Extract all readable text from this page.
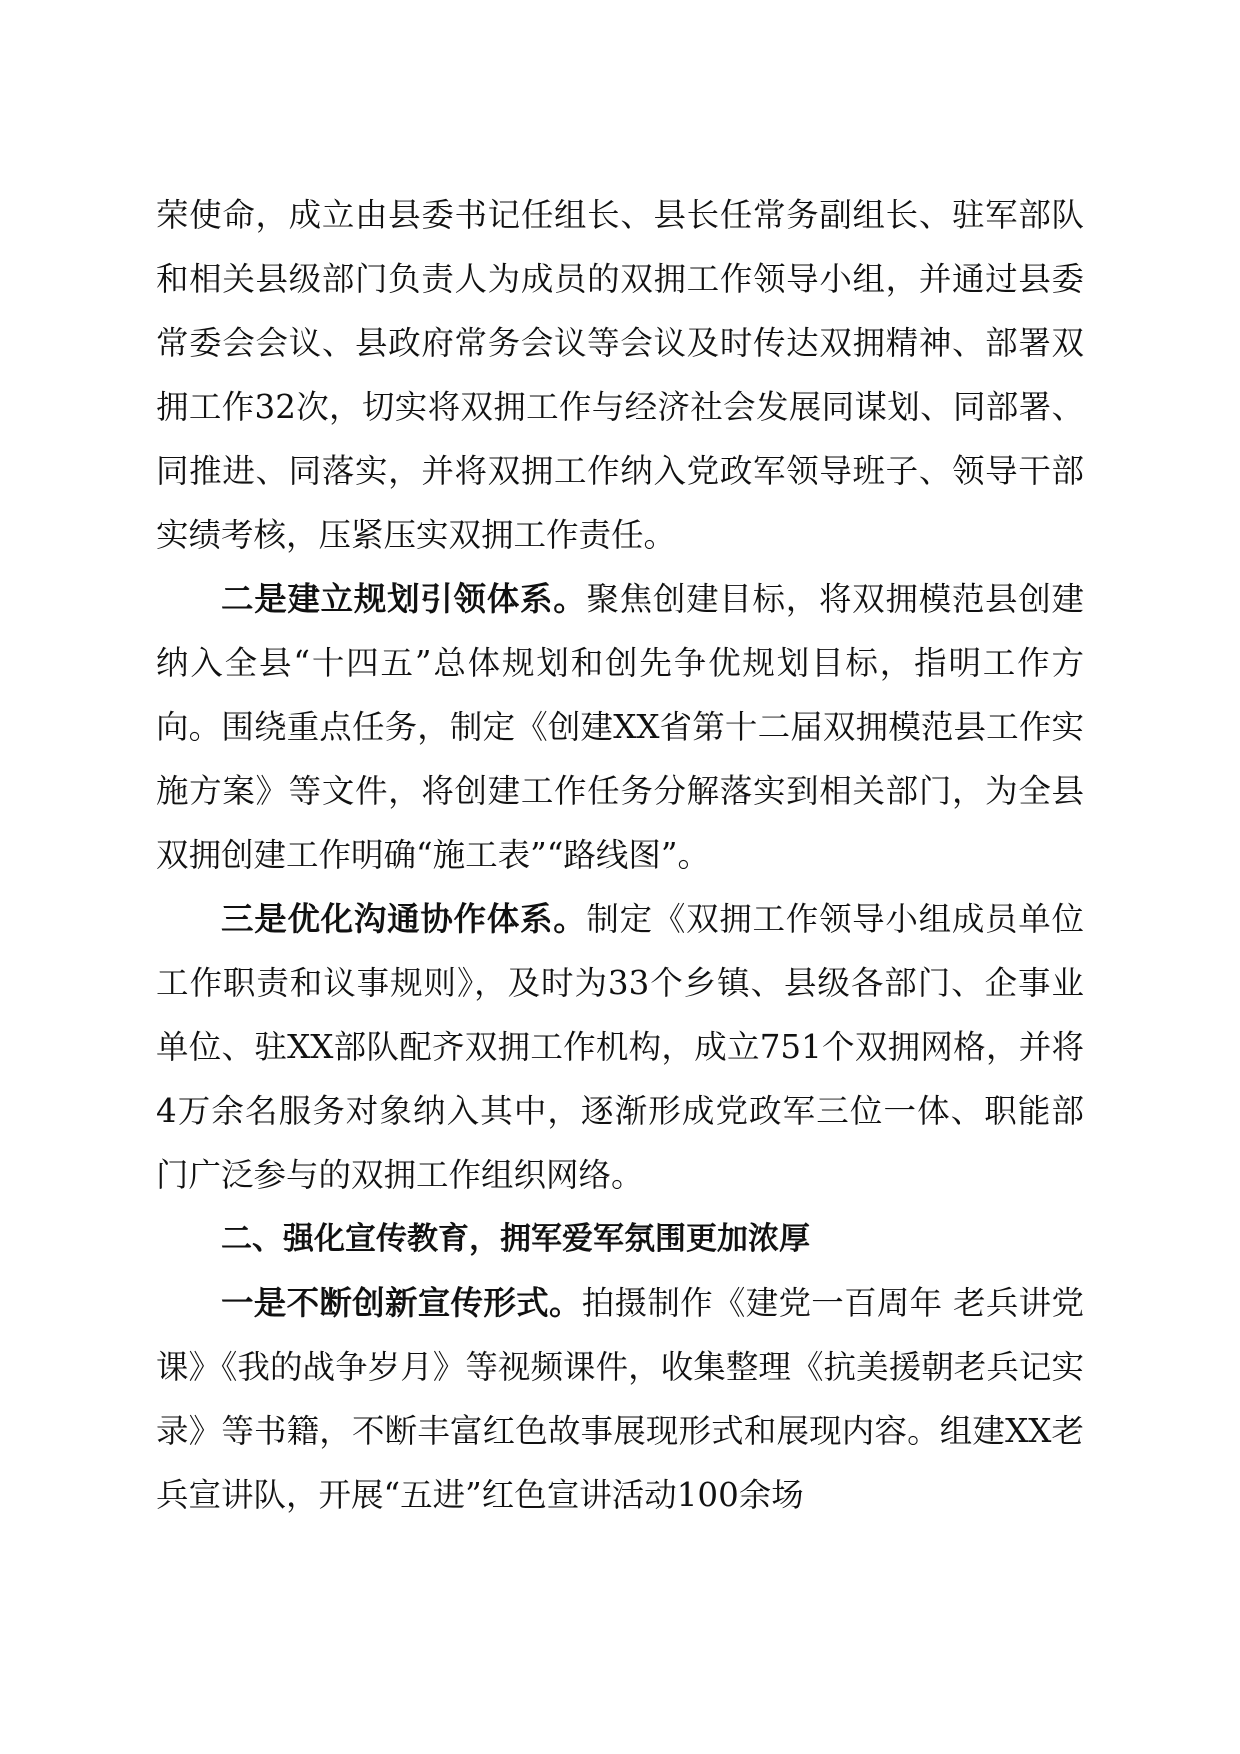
荣使命，成立由县委书记任组长、县长任常务副组长、驻军部队和相关县级部门负责人为成员的双拥工作领导小组，并通过县委常委会会议、县政府常务会议等会议及时传达双拥精神、部署双拥工作32次，切实将双拥工作与经济社会发展同谋划、同部署、同推进、同落实，并将双拥工作纳入党政军领导班子、领导干部实绩考核，压紧压实双拥工作责任。

二是建立规划引领体系。聚焦创建目标，将双拥模范县创建纳入全县“十四五”总体规划和创先争优规划目标，指明工作方向。围绕重点任务，制定《创建XX省第十二届双拥模范县工作实施方案》等文件，将创建工作任务分解落实到相关部门，为全县双拥创建工作明确“施工表”“路线图”。

三是优化沟通协作体系。制定《双拥工作领导小组成员单位工作职责和议事规则》，及时为33个乡镇、县级各部门、企事业单位、驻XX部队配齐双拥工作机构，成立751个双拥网格，并将4万余名服务对象纳入其中，逐渐形成党政军三位一体、职能部门广泛参与的双拥工作组织网络。

二、强化宣传教育，拥军爱军氛围更加浓厚

一是不断创新宣传形式。拍摄制作《建党一百周年 老兵讲党课》《我的战争岁月》等视频课件，收集整理《抗美援朝老兵记实录》等书籍，不断丰富红色故事展现形式和展现内容。组建XX老兵宣讲队，开展“五进”红色宣讲活动100余场
